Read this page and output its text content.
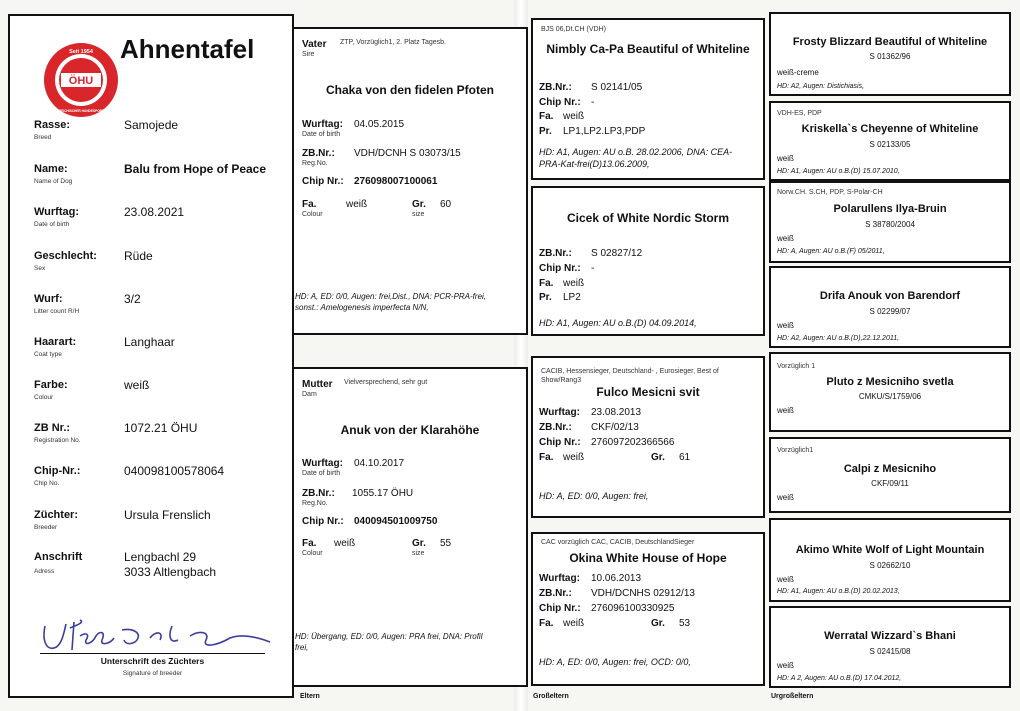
ÖHU
Seit 1954
ÖSTERREICHISCHER HUNDESPORTUNION
Ahnentafel
Rasse:
Breed
Samojede
Name:
Name of Dog
Balu from Hope of Peace
Wurftag:
Date of birth
23.08.2021
Geschlecht:
Sex
Rüde
Wurf:
Litter count R/H
3/2
Haarart:
Coat type
Langhaar
Farbe:
Colour
weiß
ZB Nr.:
Registration No.
1072.21 ÖHU
Chip-Nr.:
Chip No.
040098100578064
Züchter:
Breeder
Ursula Frenslich
Anschrift
Adress
Lengbachl 29
3033 Altlengbach
Unterschrift des Züchters
Signature of breeder
Vater
Sire
ZTP, Vorzüglich1, 2. Platz Tagesb.
Chaka von den fidelen Pfoten
Wurftag:
Date of birth
04.05.2015
ZB.Nr.:
Reg.No.
VDH/DCNH S 03073/15
Chip Nr.: 276098007100061
Fa.
Colour
weiß	Gr.
size
60
HD: A, ED: 0/0, Augen: frei,Dist., DNA: PCR-PRA-frei,
sonst.: Amelogenesis imperfecta N/N,
Mutter
Dam
Vielversprechend, sehr gut
Anuk von der Klarahöhe
Wurftag:
Date of birth
04.10.2017
ZB.Nr.:
Reg.No.
1055.17 ÖHU
Chip Nr.: 040094501009750
Fa.
Colour
weiß	Gr.
size
55
HD: Übergang, ED: 0/0, Augen: PRA frei, DNA: Profil
frei,
Eltern
BJS 06,Dt.CH (VDH)
Nimbly Ca-Pa Beautiful of Whiteline
ZB.Nr.: S 02141/05
Chip Nr.: -
Fa. weiß
Pr. LP1,LP2.LP3,PDP
HD: A1, Augen: AU o.B. 28.02.2006, DNA: CEA-
PRA-Kat-frei(D)13.06.2009,
Cicek of White Nordic Storm
ZB.Nr.: S 02827/12
Chip Nr.: -
Fa. weiß
Pr. LP2
HD: A1, Augen: AU o.B.(D) 04.09.2014,
CACIB, Hessensieger, Deutschland- , Eurosieger, Best of
Show/Rang3
Fulco Mesicni svit
Wurftag: 23.08.2013
ZB.Nr.: CKF/02/13
Chip Nr.: 276097202366566
Fa. weiß	Gr. 61
HD: A, ED: 0/0, Augen: frei,
CAC vorzüglich CAC, CACIB, DeutschlandSieger
Okina White House of Hope
Wurftag: 10.06.2013
ZB.Nr.: VDH/DCNHS 02912/13
Chip Nr.: 276096100330925
Fa. weiß	Gr. 53
HD: A, ED: 0/0, Augen: frei, OCD: 0/0,
Großeltern
Frosty Blizzard Beautiful of Whiteline
S 01362/96
weiß-creme
HD: A2, Augen: Distichiasis,
VDH-ES, PDP
Kriskella`s Cheyenne of Whiteline
S 02133/05
weiß
HD: A1, Augen: AU o.B.(D) 15.07.2010,
Norw.CH. S.CH, PDP, S-Polar-CH
Polarullens Ilya-Bruin
S 38780/2004
weiß
HD: A, Augen: AU o.B.(F) 05/2011,
Drifa Anouk von Barendorf
S 02299/07
weiß
HD: A2, Augen: AU o.B.(D),22.12.2011,
Vorzüglich 1
Pluto z Mesicniho svetla
CMKU/S/1759/06
weiß
Vorzüglich1
Calpi z Mesicniho
CKF/09/11
weiß
Akimo White Wolf of Light Mountain
S 02662/10
weiß
HD: A1, Augen: AU o.B.(D) 20.02.2013,
Werratal Wizzard`s Bhani
S 02415/08
weiß
HD: A 2, Augen: AU o.B.(D) 17.04.2012,
Urgroßeltern
